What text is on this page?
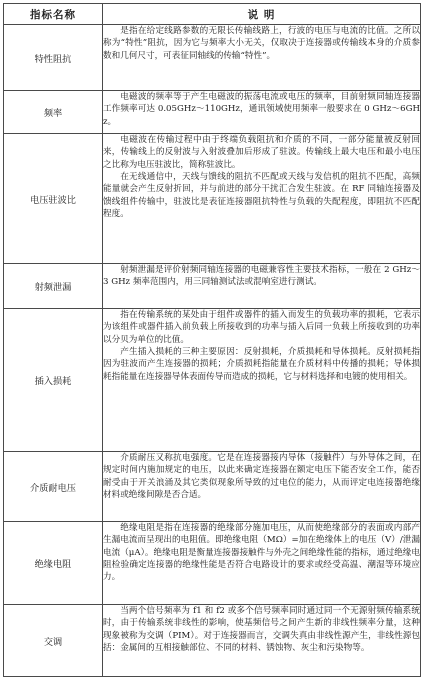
指标名称	说 明
特性阻抗	是指在给定线路参数的无限长传输线路上，行波的电压与电流的比值。之所以称为“特性”阻抗，因为它与频率大小无关，仅取决于连接器或传输线本身的介质参数和几何尺寸，可表征同轴线的传输“特性”。

频率	电磁波的频率等于产生电磁波的振荡电流或电压的频率，目前射频同轴连接器工作频率可达 0.05GHz～110GHz，通讯领域使用频率一般要求在 0 GHz～6GHz。

电压驻波比	电磁波在传输过程中由于终端负载阻抗和介质的不同，一部分能量被反射回来，传输线上的反射波与入射波叠加后形成了驻波。传输线上最大电压和最小电压之比称为电压驻波比，简称驻波比。

在无线通信中，天线与馈线的阻抗不匹配或天线与发信机的阻抗不匹配，高频能量就会产生反射折回，并与前进的部分干扰汇合发生驻波。在 RF 同轴连接器及馈线组件传输中，驻波比是表征连接器阻抗特性与负载的失配程度，即阻抗不匹配程度。

射频泄漏	射频泄漏是评价射频同轴连接器的电磁兼容性主要技术指标，一般在 2 GHz～3 GHz 频率范围内，用三同轴测试法或混响室进行测试。

插入损耗	指在传输系统的某处由于组件或器件的插入而发生的负载功率的损耗，它表示为该组件或器件插入前负载上所接收到的功率与插入后同一负载上所接收到的功率以分贝为单位的比值。

产生插入损耗的三种主要原因：反射损耗，介质损耗和导体损耗。反射损耗指因为驻波而产生连接器的损耗；介质损耗指能量在介质材料中传播的损耗；导体损耗指能量在连接器导体表面传导而造成的损耗，它与材料选择和电镀的使用相关。

介质耐电压	介质耐压又称抗电强度。它是在连接器接内导体（接触件）与外导体之间，在规定时间内施加规定的电压，以此来确定连接器在额定电压下能否安全工作，能否耐受由于开关浪涌及其它类似现象所导致的过电位的能力，从而评定电连接器绝缘材料或绝缘间隙是否合适。

绝缘电阻	绝缘电阻是指在连接器的绝缘部分施加电压，从而使绝缘部分的表面或内部产生漏电流而呈现出的电阻值。即绝缘电阻（MΩ）=加在绝缘体上的电压（V）/泄漏电流（μA）。绝缘电阻是衡量连接器接触件与外壳之间绝缘性能的指标，通过绝缘电阻检验确定连接器的绝缘性能是否符合电路设计的要求或经受高温、潮湿等环境应力。

交调	当两个信号频率为 f1 和 f2 或多个信号频率同时通过同一个无源射频传输系统时，由于传输系统非线性的影响，使基频信号之间产生新的非线性频率分量，这种现象被称为交调（PIM）。对于连接器而言，交调失真由非线性源产生，非线性源包括：金属间的互相接触部位、不同的材料、锈蚀物、灰尘和污染物等。
